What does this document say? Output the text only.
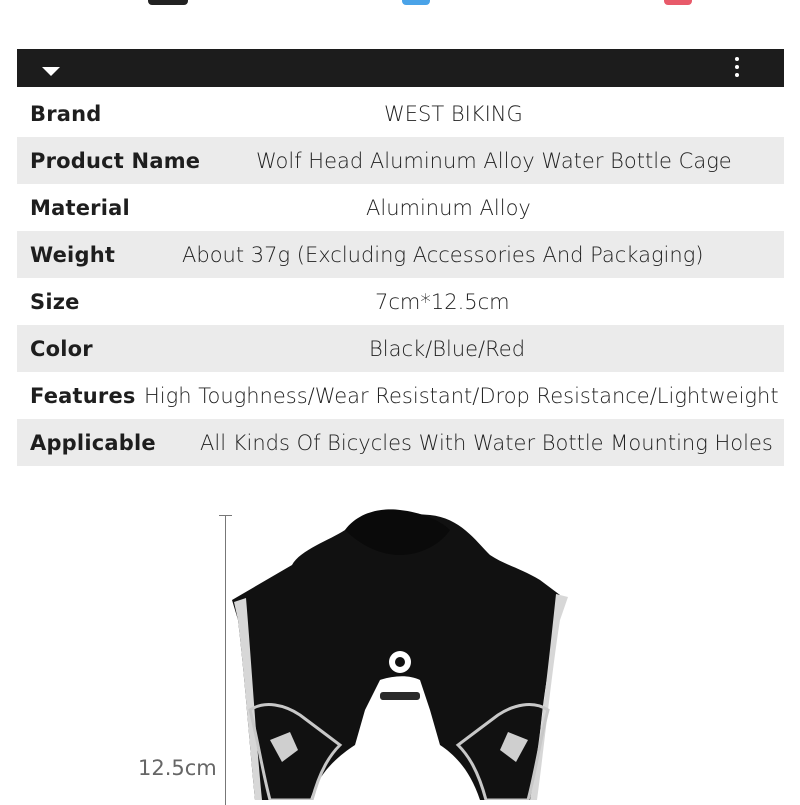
Brand	WEST BIKING
Product Name	Wolf Head Aluminum Alloy Water Bottle Cage
Material	Aluminum Alloy
Weight	About 37g (Excluding Accessories And Packaging)
Size	7cm*12.5cm
Color	Black/Blue/Red
Features High Toughness/Wear Resistant/Drop Resistance/Lightweight
Applicable All Kinds Of Bicycles With Water Bottle Mounting Holes
12.5cm
